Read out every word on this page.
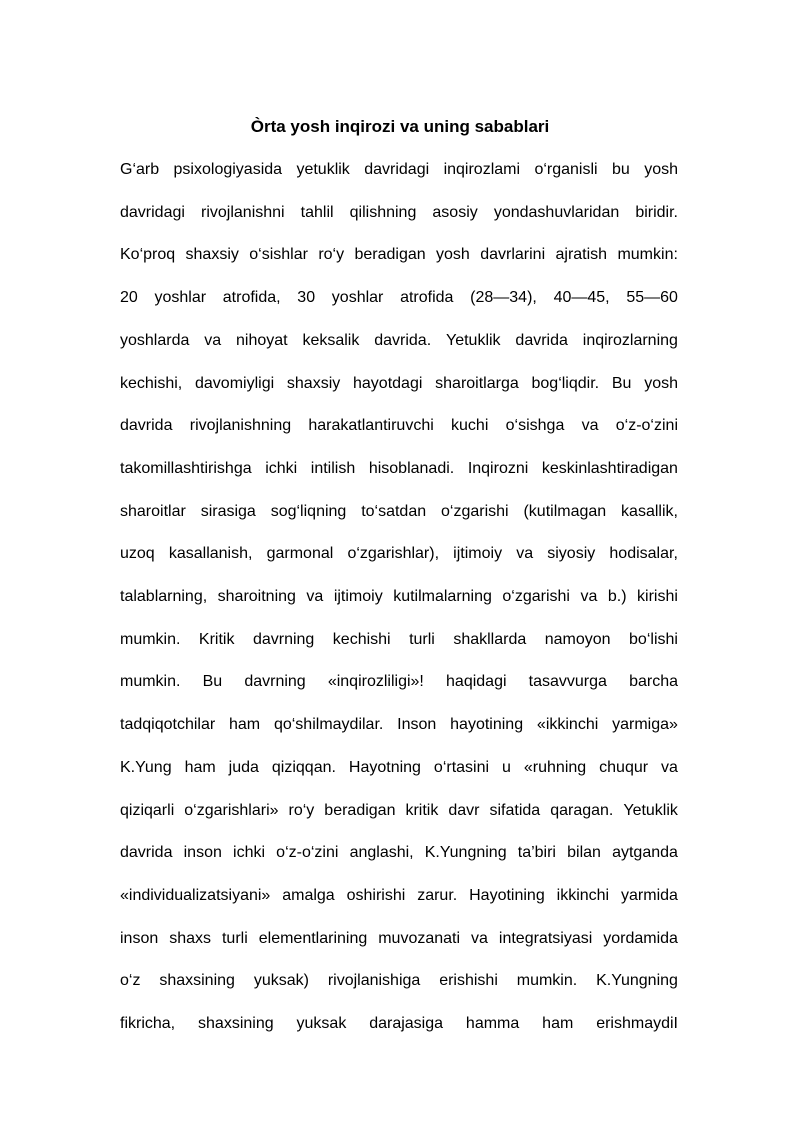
Òrta yosh inqirozi va uning sabablari
G‘arb psixologiyasida yetuklik davridagi inqirozlami o‘rganisli bu yosh
davridagi rivojlanishni tahlil qilishning asosiy yondashuvlaridan biridir.
Ko‘proq shaxsiy o‘sishlar ro‘y beradigan yosh davrlarini ajratish mumkin:
20 yoshlar atrofida, 30 yoshlar atrofida (28—34), 40—45, 55—60
yoshlarda va nihoyat keksalik davrida. Yetuklik davrida inqirozlarning
kechishi, davomiyligi shaxsiy hayotdagi sharoitlarga bog‘liqdir. Bu yosh
davrida rivojlanishning harakatlantiruvchi kuchi o‘sishga va o‘z-o‘zini
takomillashtirishga ichki intilish hisoblanadi. Inqirozni keskinlashtiradigan
sharoitlar sirasiga sog‘liqning to‘satdan o‘zgarishi (kutilmagan kasallik,
uzoq kasallanish, garmonal o‘zgarishlar), ijtimoiy va siyosiy hodisalar,
talablarning, sharoitning va ijtimoiy kutilmalarning o‘zgarishi va b.) kirishi
mumkin. Kritik davrning kechishi turli shakllarda namoyon bo‘lishi
mumkin. Bu davrning «inqirozliligi»! haqidagi tasavvurga barcha
tadqiqotchilar ham qo‘shilmaydilar. Inson hayotining «ikkinchi yarmiga»
K.Yung ham juda qiziqqan. Hayotning o‘rtasini u «ruhning chuqur va
qiziqarli o‘zgarishlari» ro‘y beradigan kritik davr sifatida qaragan. Yetuklik
davrida inson ichki o‘z-o‘zini anglashi, K.Yungning ta’biri bilan aytganda
«individualizatsiyani» amalga oshirishi zarur. Hayotining ikkinchi yarmida
inson shaxs turli elementlarining muvozanati va integratsiyasi yordamida
o‘z shaxsining yuksak) rivojlanishiga erishishi mumkin. K.Yungning
fikricha, shaxsining yuksak darajasiga hamma ham erishmaydiI
